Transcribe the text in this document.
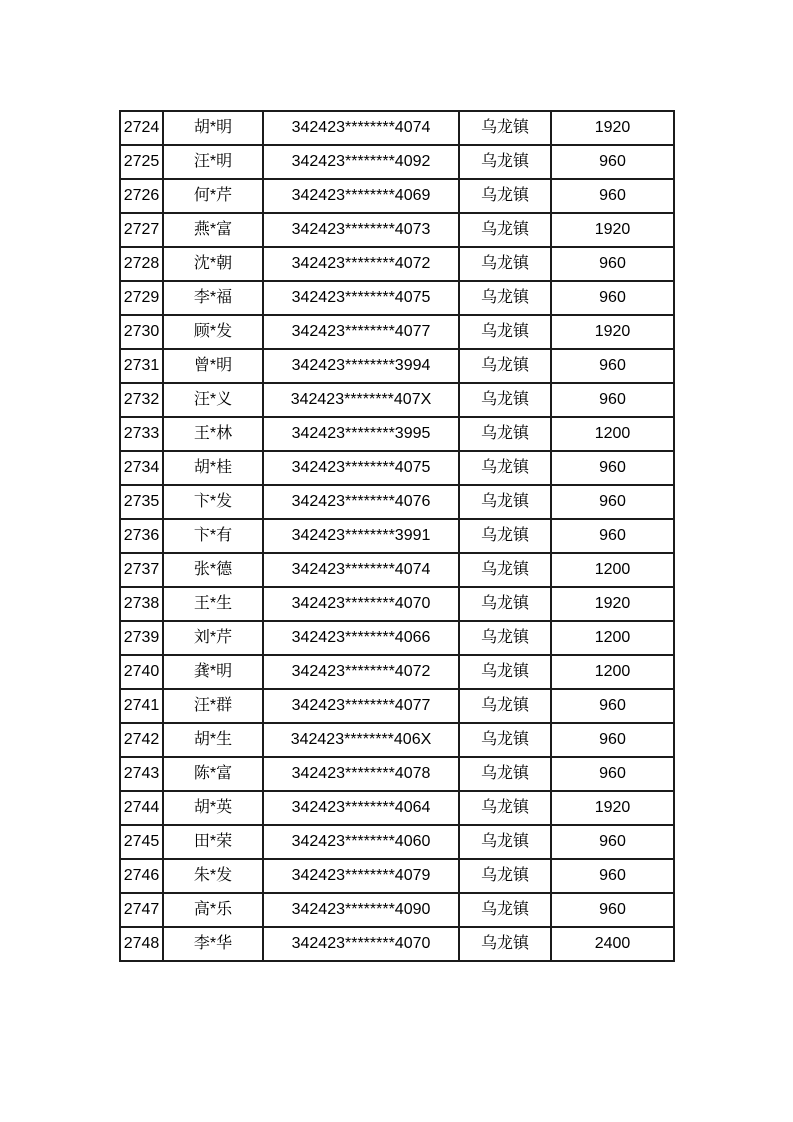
2724	胡*明	342423********4074	乌龙镇	1920
2725	汪*明	342423********4092	乌龙镇	960
2726	何*芹	342423********4069	乌龙镇	960
2727	燕*富	342423********4073	乌龙镇	1920
2728	沈*朝	342423********4072	乌龙镇	960
2729	李*福	342423********4075	乌龙镇	960
2730	顾*发	342423********4077	乌龙镇	1920
2731	曾*明	342423********3994	乌龙镇	960
2732	汪*义	342423********407X	乌龙镇	960
2733	王*林	342423********3995	乌龙镇	1200
2734	胡*桂	342423********4075	乌龙镇	960
2735	卞*发	342423********4076	乌龙镇	960
2736	卞*有	342423********3991	乌龙镇	960
2737	张*德	342423********4074	乌龙镇	1200
2738	王*生	342423********4070	乌龙镇	1920
2739	刘*芹	342423********4066	乌龙镇	1200
2740	龚*明	342423********4072	乌龙镇	1200
2741	汪*群	342423********4077	乌龙镇	960
2742	胡*生	342423********406X	乌龙镇	960
2743	陈*富	342423********4078	乌龙镇	960
2744	胡*英	342423********4064	乌龙镇	1920
2745	田*荣	342423********4060	乌龙镇	960
2746	朱*发	342423********4079	乌龙镇	960
2747	高*乐	342423********4090	乌龙镇	960
2748	李*华	342423********4070	乌龙镇	2400
